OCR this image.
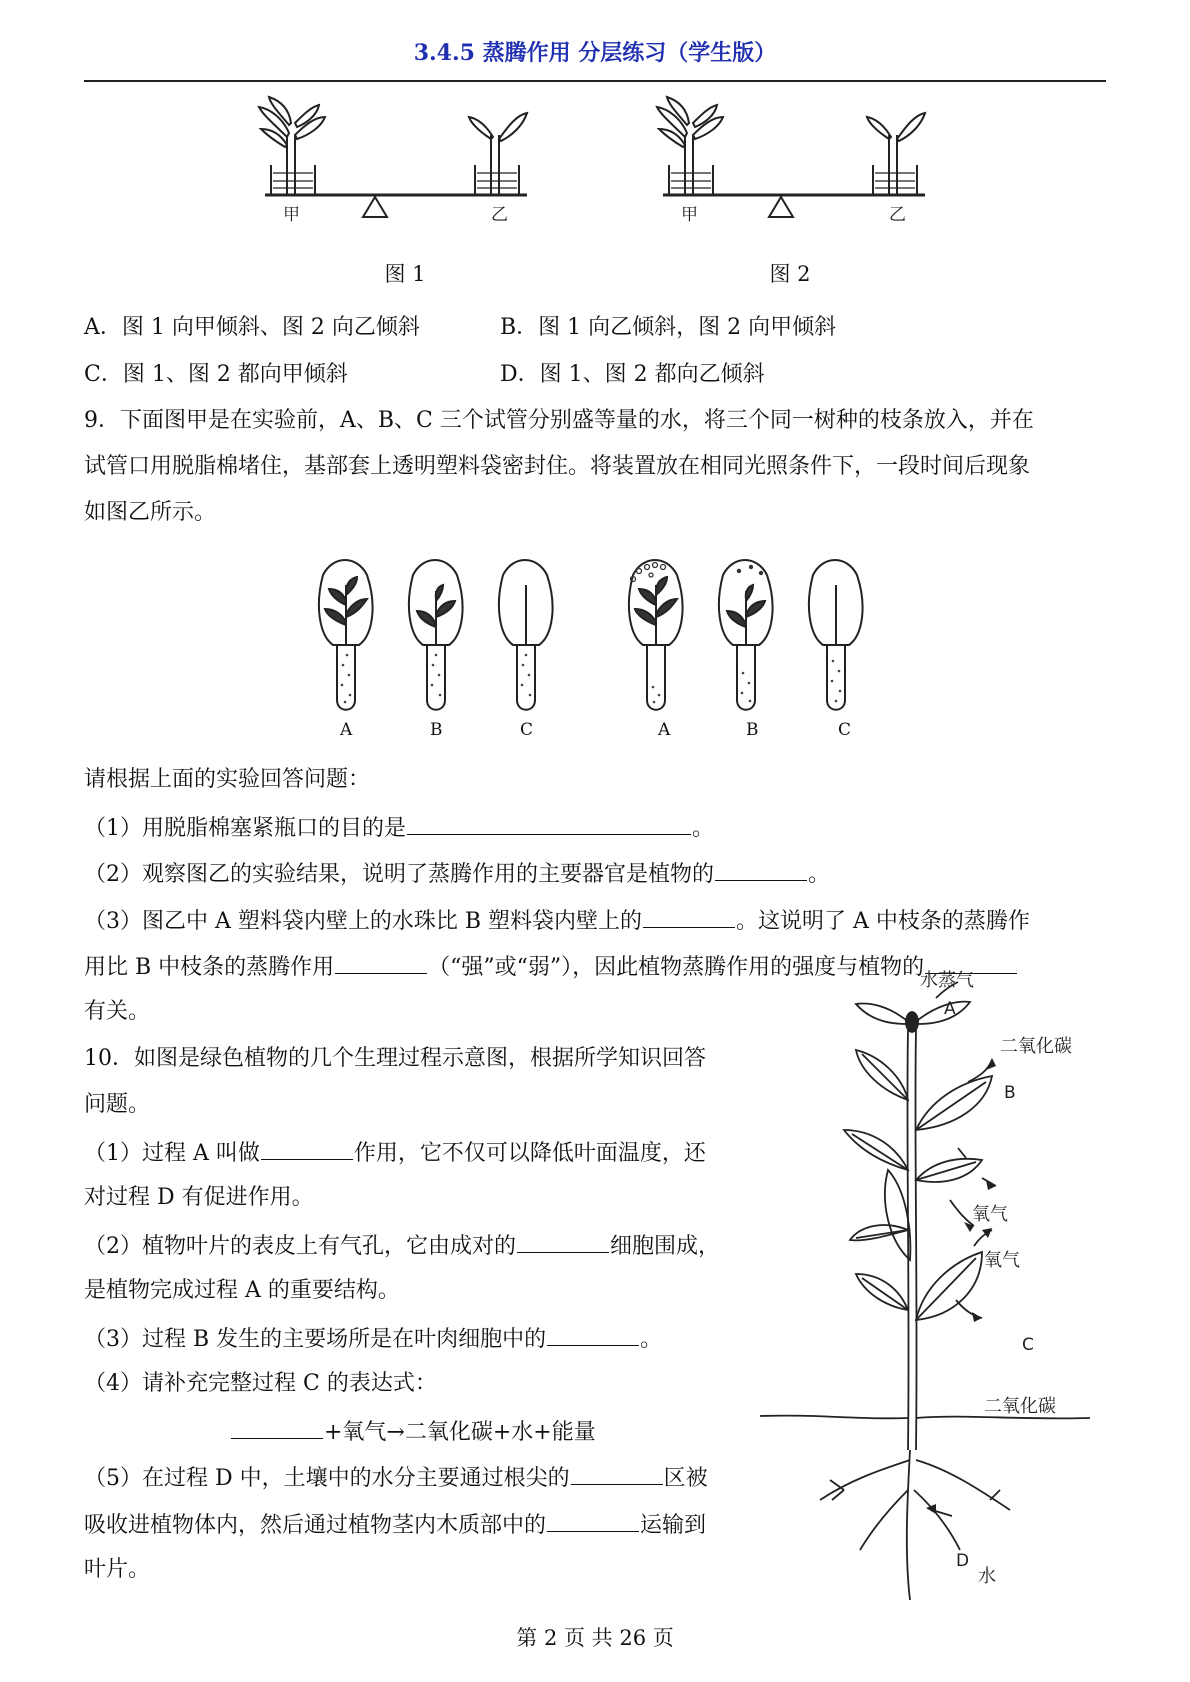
3.4.5 蒸腾作用 分层练习（学生版）
甲	乙
图 1
甲	乙
图 2
A．图 1 向甲倾斜、图 2 向乙倾斜	B．图 1 向乙倾斜，图 2 向甲倾斜
C．图 1、图 2 都向甲倾斜	D．图 1、图 2 都向乙倾斜
9．下面图甲是在实验前，A、B、C 三个试管分别盛等量的水，将三个同一树种的枝条放入，并在
试管口用脱脂棉堵住，基部套上透明塑料袋密封住。将装置放在相同光照条件下，一段时间后现象
如图乙所示。
A	B	C	A	B	C
请根据上面的实验回答问题：
（1）用脱脂棉塞紧瓶口的目的是	。
（2）观察图乙的实验结果，说明了蒸腾作用的主要器官是植物的	。
（3）图乙中 A 塑料袋内壁上的水珠比 B 塑料袋内壁上的	。这说明了 A 中枝条的蒸腾作
用比 B 中枝条的蒸腾作用	（“强”或“弱”），因此植物蒸腾作用的强度与植物的
有关。
10．如图是绿色植物的几个生理过程示意图，根据所学知识回答
问题。
（1）过程 A 叫做	作用，它不仅可以降低叶面温度，还
对过程 D 有促进作用。
（2）植物叶片的表皮上有气孔，它由成对的	细胞围成，
是植物完成过程 A 的重要结构。
（3）过程 B 发生的主要场所是在叶肉细胞中的	。
（4）请补充完整过程 C 的表达式：
+氧气→二氧化碳+水+能量
（5）在过程 D 中，土壤中的水分主要通过根尖的	区被
吸收进植物体内，然后通过植物茎内木质部中的	运输到
叶片。
水蒸气
A
二氧化碳
B
氧气
氧气
C
二氧化碳
D
水
第 2 页 共 26 页
